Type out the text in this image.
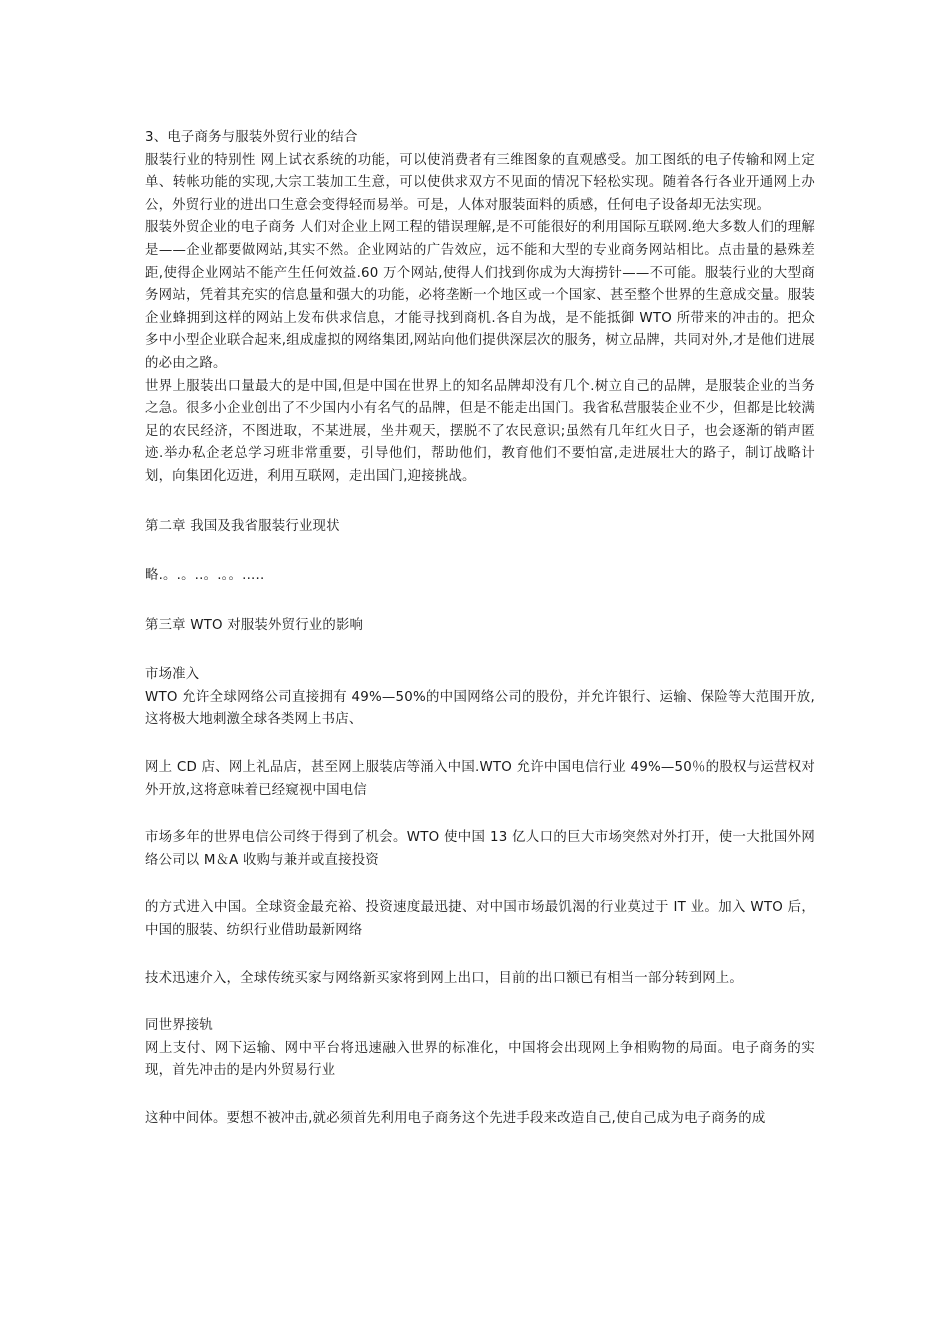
3、电子商务与服装外贸行业的结合

服装行业的特别性 网上试衣系统的功能，可以使消费者有三维图象的直观感受。加工图纸的电子传输和网上定单、转帐功能的实现,大宗工装加工生意，可以使供求双方不见面的情况下轻松实现。随着各行各业开通网上办公，外贸行业的进出口生意会变得轻而易举。可是，人体对服装面料的质感，任何电子设备却无法实现。

服装外贸企业的电子商务 人们对企业上网工程的错误理解,是不可能很好的利用国际互联网.绝大多数人们的理解是——企业都要做网站,其实不然。企业网站的广告效应，远不能和大型的专业商务网站相比。点击量的悬殊差距,使得企业网站不能产生任何效益.60 万个网站,使得人们找到你成为大海捞针——不可能。服装行业的大型商务网站，凭着其充实的信息量和强大的功能，必将垄断一个地区或一个国家、甚至整个世界的生意成交量。服装企业蜂拥到这样的网站上发布供求信息，才能寻找到商机.各自为战，是不能抵御 WTO 所带来的冲击的。把众多中小型企业联合起来,组成虚拟的网络集团,网站向他们提供深层次的服务，树立品牌，共同对外,才是他们进展的必由之路。

世界上服装出口量最大的是中国,但是中国在世界上的知名品牌却没有几个.树立自己的品牌，是服装企业的当务之急。很多小企业创出了不少国内小有名气的品牌，但是不能走出国门。我省私营服装企业不少，但都是比较满足的农民经济，不图进取，不某进展，坐井观天，摆脱不了农民意识;虽然有几年红火日子，也会逐渐的销声匿迹.举办私企老总学习班非常重要，引导他们，帮助他们，教育他们不要怕富,走进展壮大的路子，制订战略计划，向集团化迈进，利用互联网，走出国门,迎接挑战。

第二章 我国及我省服装行业现状

略.。.。..。.。。.....

第三章 WTO 对服装外贸行业的影响

市场准入

WTO 允许全球网络公司直接拥有 49%—50%的中国网络公司的股份，并允许银行、运输、保险等大范围开放,这将极大地刺激全球各类网上书店、

网上 CD 店、网上礼品店，甚至网上服装店等涌入中国.WTO 允许中国电信行业 49%—50％的股权与运营权对外开放,这将意味着已经窥视中国电信

市场多年的世界电信公司终于得到了机会。WTO 使中国 13 亿人口的巨大市场突然对外打开，使一大批国外网络公司以 M＆A 收购与兼并或直接投资

的方式进入中国。全球资金最充裕、投资速度最迅捷、对中国市场最饥渴的行业莫过于 IT 业。加入 WTO 后，中国的服装、纺织行业借助最新网络

技术迅速介入，全球传统买家与网络新买家将到网上出口，目前的出口额已有相当一部分转到网上。

同世界接轨

网上支付、网下运输、网中平台将迅速融入世界的标准化，中国将会出现网上争相购物的局面。电子商务的实现，首先冲击的是内外贸易行业

这种中间体。要想不被冲击,就必须首先利用电子商务这个先进手段来改造自己,使自己成为电子商务的成
